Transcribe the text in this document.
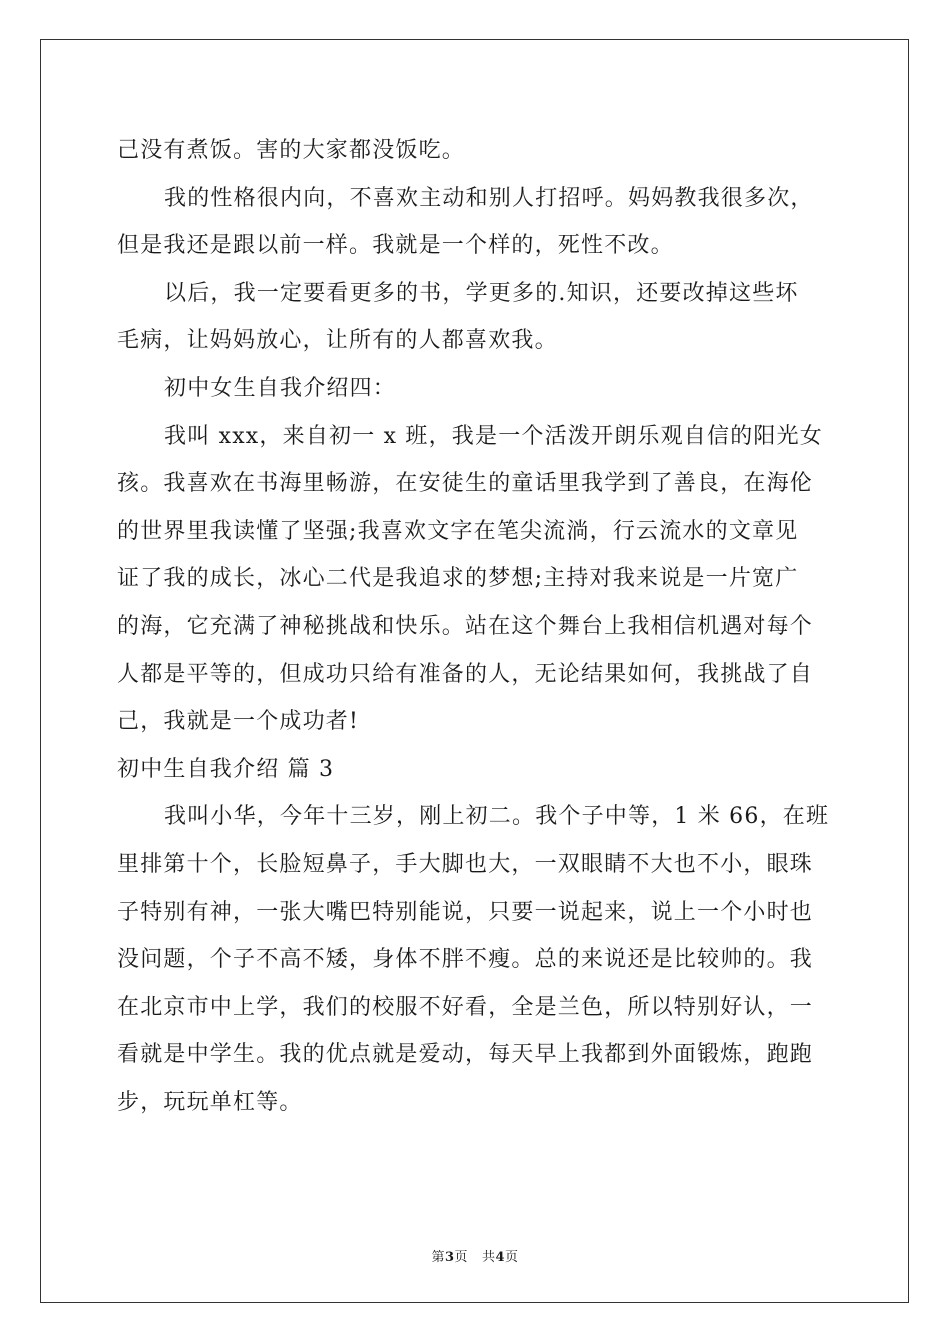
己没有煮饭。害的大家都没饭吃。
我的性格很内向，不喜欢主动和别人打招呼。妈妈教我很多次，
但是我还是跟以前一样。我就是一个样的，死性不改。
以后，我一定要看更多的书，学更多的.知识，还要改掉这些坏
毛病，让妈妈放心，让所有的人都喜欢我。
初中女生自我介绍四：
我叫 xxx，来自初一 x 班，我是一个活泼开朗乐观自信的阳光女
孩。我喜欢在书海里畅游，在安徒生的童话里我学到了善良，在海伦
的世界里我读懂了坚强;我喜欢文字在笔尖流淌，行云流水的文章见
证了我的成长，冰心二代是我追求的梦想;主持对我来说是一片宽广
的海，它充满了神秘挑战和快乐。站在这个舞台上我相信机遇对每个
人都是平等的，但成功只给有准备的人，无论结果如何，我挑战了自
己，我就是一个成功者!
初中生自我介绍 篇 3
我叫小华，今年十三岁，刚上初二。我个子中等，1 米 66，在班
里排第十个，长脸短鼻子，手大脚也大，一双眼睛不大也不小，眼珠
子特别有神，一张大嘴巴特别能说，只要一说起来，说上一个小时也
没问题，个子不高不矮，身体不胖不瘦。总的来说还是比较帅的。我
在北京市中上学，我们的校服不好看，全是兰色，所以特别好认，一
看就是中学生。我的优点就是爱动，每天早上我都到外面锻炼，跑跑
步，玩玩单杠等。
第3页 共4页
